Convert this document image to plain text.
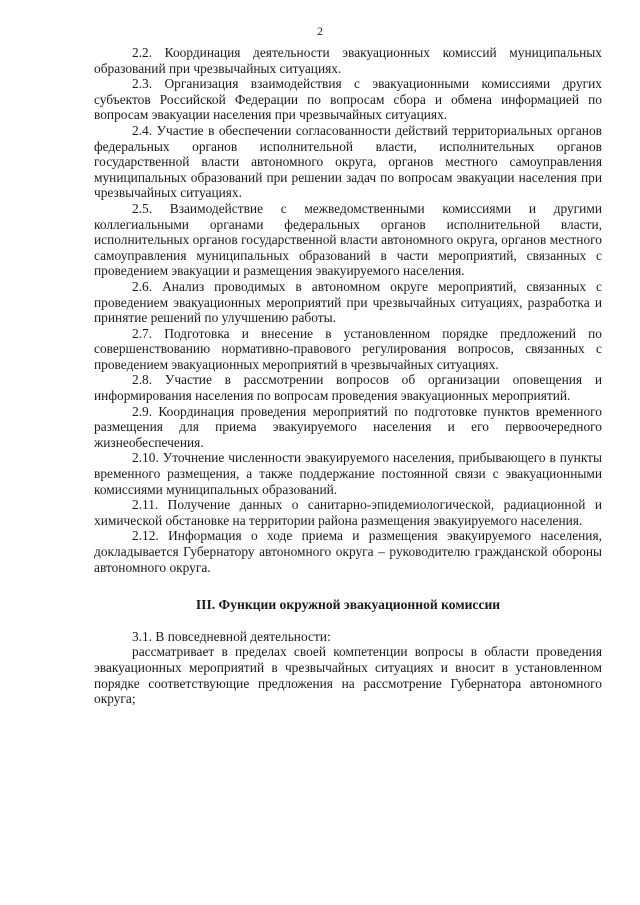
2

2.2. Координация деятельности эвакуационных комиссий муниципальных образований при чрезвычайных ситуациях.

2.3. Организация взаимодействия с эвакуационными комиссиями других субъектов Российской Федерации по вопросам сбора и обмена информацией по вопросам эвакуации населения при чрезвычайных ситуациях.

2.4. Участие в обеспечении согласованности действий территориальных органов федеральных органов исполнительной власти, исполнительных органов государственной власти автономного округа, органов местного самоуправления муниципальных образований при решении задач по вопросам эвакуации населения при чрезвычайных ситуациях.

2.5. Взаимодействие с межведомственными комиссиями и другими коллегиальными органами федеральных органов исполнительной власти, исполнительных органов государственной власти автономного округа, органов местного самоуправления муниципальных образований в части мероприятий, связанных с проведением эвакуации и размещения эвакуируемого населения.

2.6. Анализ проводимых в автономном округе мероприятий, связанных с проведением эвакуационных мероприятий при чрезвычайных ситуациях, разработка и принятие решений по улучшению работы.

2.7. Подготовка и внесение в установленном порядке предложений по совершенствованию нормативно-правового регулирования вопросов, связанных с проведением эвакуационных мероприятий в чрезвычайных ситуациях.

2.8. Участие в рассмотрении вопросов об организации оповещения и информирования населения по вопросам проведения эвакуационных мероприятий.

2.9. Координация проведения мероприятий по подготовке пунктов временного размещения для приема эвакуируемого населения и его первоочередного жизнеобеспечения.

2.10. Уточнение численности эвакуируемого населения, прибывающего в пункты временного размещения, а также поддержание постоянной связи с эвакуационными комиссиями муниципальных образований.

2.11. Получение данных о санитарно-эпидемиологической, радиационной и химической обстановке на территории района размещения эвакуируемого населения.

2.12. Информация о ходе приема и размещения эвакуируемого населения, докладывается Губернатору автономного округа – руководителю гражданской обороны автономного округа.

III. Функции окружной эвакуационной комиссии

3.1. В повседневной деятельности:

рассматривает в пределах своей компетенции вопросы в области проведения эвакуационных мероприятий в чрезвычайных ситуациях и вносит в установленном порядке соответствующие предложения на рассмотрение Губернатора автономного округа;
